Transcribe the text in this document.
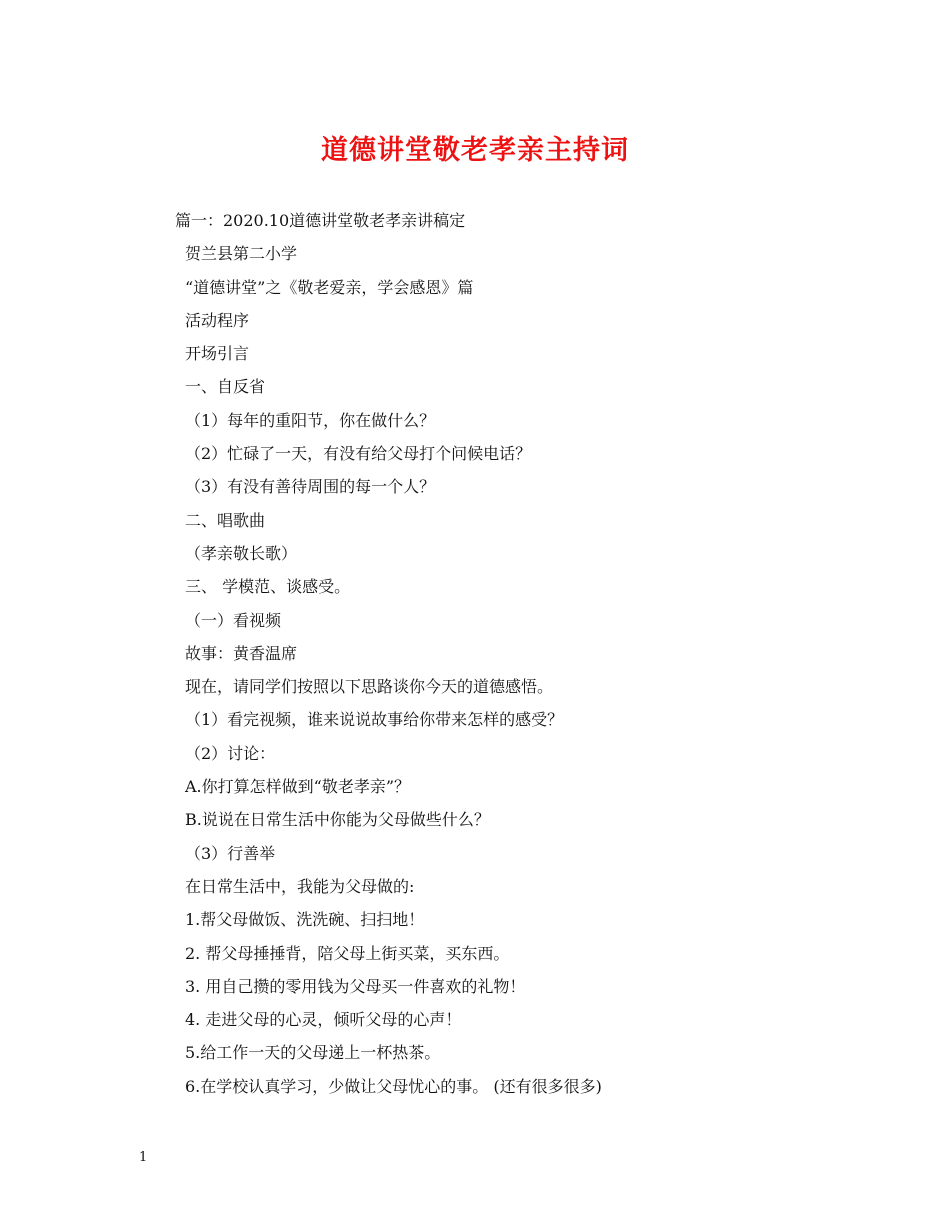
道德讲堂敬老孝亲主持词
篇一：2020.10道德讲堂敬老孝亲讲稿定
贺兰县第二小学
“道德讲堂”之《敬老爱亲，学会感恩》篇
活动程序
开场引言
一、自反省
（1）每年的重阳节，你在做什么？
（2）忙碌了一天，有没有给父母打个问候电话？
（3）有没有善待周围的每一个人？
二、唱歌曲
（孝亲敬长歌）
三、 学模范、谈感受。
（一）看视频
故事：黄香温席
现在，请同学们按照以下思路谈你今天的道德感悟。
（1）看完视频，谁来说说故事给你带来怎样的感受？
（2）讨论：
A.你打算怎样做到“敬老孝亲”？
B.说说在日常生活中你能为父母做些什么？
（3）行善举
在日常生活中，我能为父母做的:
1.帮父母做饭、洗洗碗、扫扫地！
2. 帮父母捶捶背，陪父母上街买菜，买东西。
3. 用自己攒的零用钱为父母买一件喜欢的礼物！
4. 走进父母的心灵，倾听父母的心声！
5.给工作一天的父母递上一杯热茶。
6.在学校认真学习，少做让父母忧心的事。 (还有很多很多)
1
